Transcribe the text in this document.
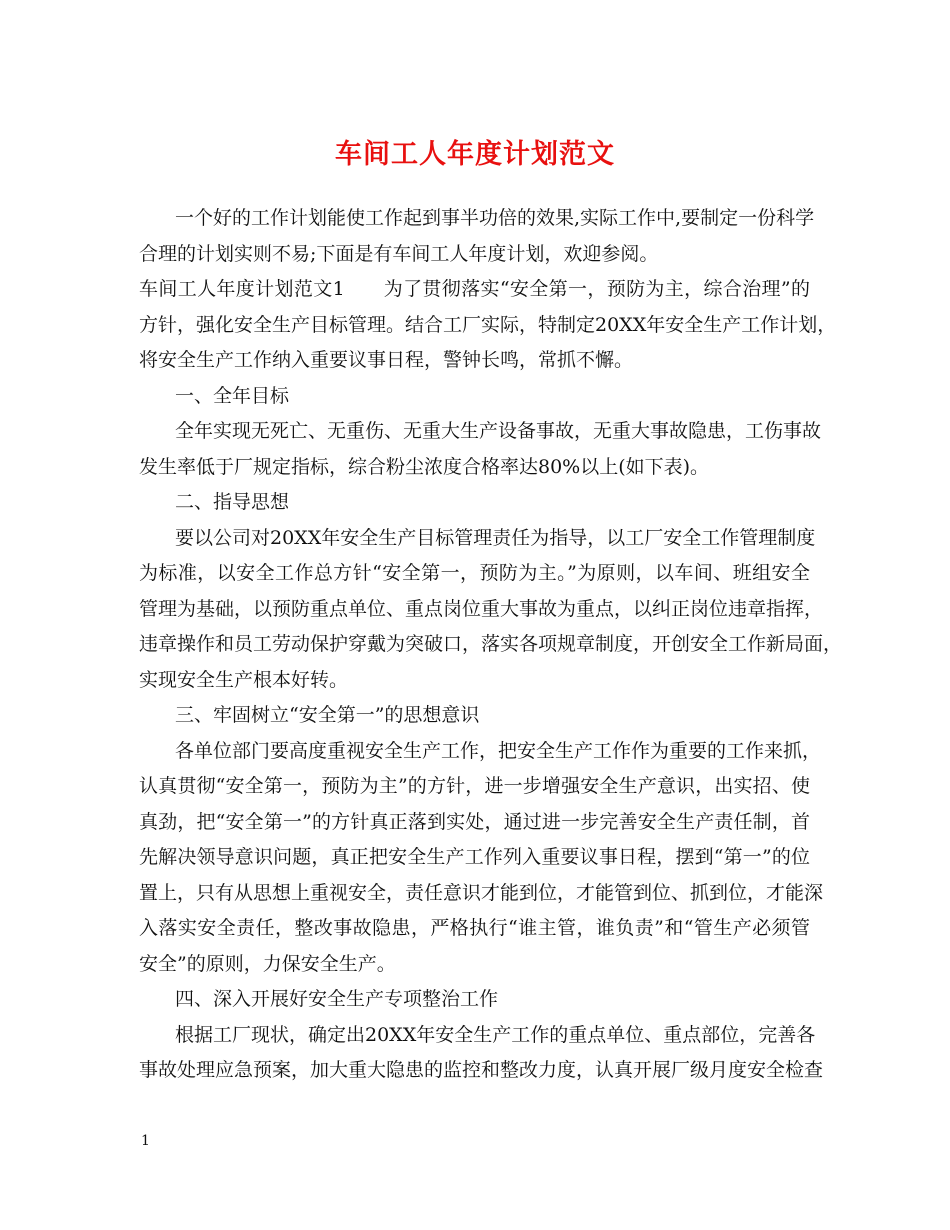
车间工人年度计划范文
一个好的工作计划能使工作起到事半功倍的效果,实际工作中,要制定一份科学
合理的计划实则不易;下面是有车间工人年度计划，欢迎参阅。
车间工人年度计划范文1　　为了贯彻落实“安全第一，预防为主，综合治理”的
方针，强化安全生产目标管理。结合工厂实际，特制定20XX年安全生产工作计划，
将安全生产工作纳入重要议事日程，警钟长鸣，常抓不懈。
一、全年目标
全年实现无死亡、无重伤、无重大生产设备事故，无重大事故隐患，工伤事故
发生率低于厂规定指标，综合粉尘浓度合格率达80%以上(如下表)。
二、指导思想
要以公司对20XX年安全生产目标管理责任为指导，以工厂安全工作管理制度
为标准，以安全工作总方针“安全第一，预防为主。”为原则，以车间、班组安全
管理为基础，以预防重点单位、重点岗位重大事故为重点，以纠正岗位违章指挥，
违章操作和员工劳动保护穿戴为突破口，落实各项规章制度，开创安全工作新局面，
实现安全生产根本好转。
三、牢固树立“安全第一”的思想意识
各单位部门要高度重视安全生产工作，把安全生产工作作为重要的工作来抓，
认真贯彻“安全第一，预防为主”的方针，进一步增强安全生产意识，出实招、使
真劲，把“安全第一”的方针真正落到实处，通过进一步完善安全生产责任制，首
先解决领导意识问题，真正把安全生产工作列入重要议事日程，摆到“第一”的位
置上，只有从思想上重视安全，责任意识才能到位，才能管到位、抓到位，才能深
入落实安全责任，整改事故隐患，严格执行“谁主管，谁负责”和“管生产必须管
安全”的原则，力保安全生产。
四、深入开展好安全生产专项整治工作
根据工厂现状，确定出20XX年安全生产工作的重点单位、重点部位，完善各
事故处理应急预案，加大重大隐患的监控和整改力度，认真开展厂级月度安全检查
1
